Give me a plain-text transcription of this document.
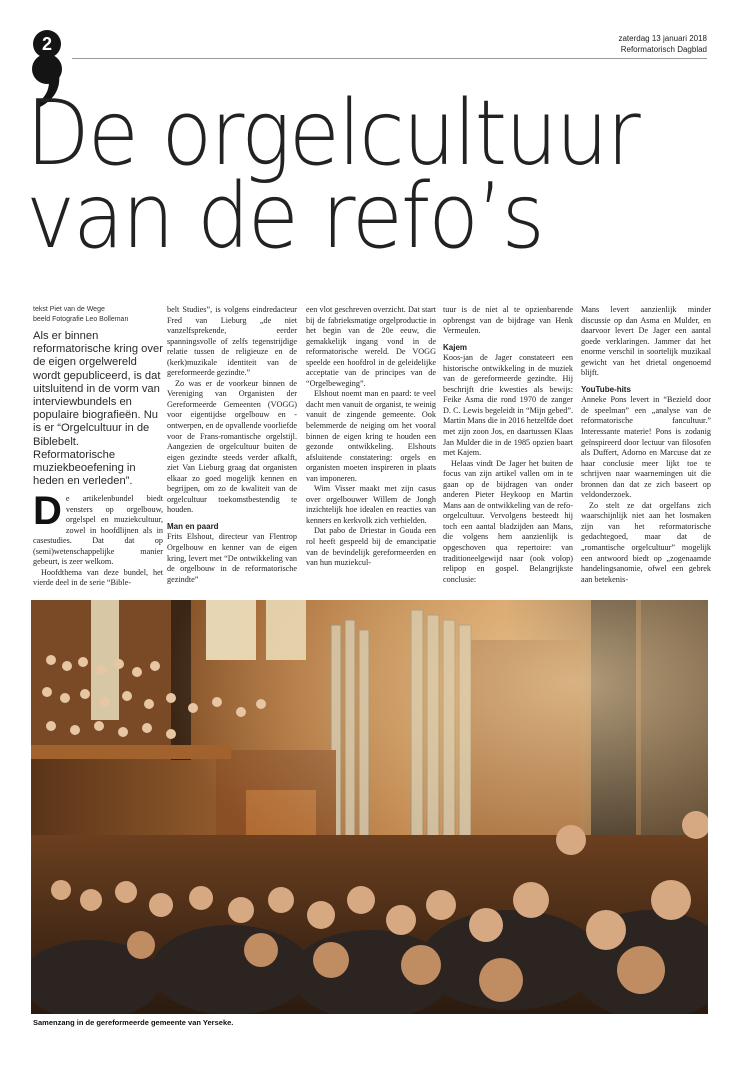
2	zaterdag 13 januari 2018
Reformatorisch Dagblad
De orgelcultuur
van de refo’s
tekst Piet van de Wege
beeld Fotografie Leo Bolleman

Als er binnen reformatorische kring over de eigen orgelwereld wordt gepubliceerd, is dat uitsluitend in de vorm van interviewbundels en populaire biografieën. Nu is er “Orgelcultuur in de Biblebelt. Reformatorische muziekbeoefening in heden en verleden”.

De artikelenbundel biedt vensters op orgelbouw, orgelspel en muziekcultuur, zowel in hoofdlijnen als in casestudies. Dat dat op (semi)wetenschappelijke manier gebeurt, is zeer welkom.

Hoofdthema van deze bundel, het vierde deel in de serie “Bible-

belt Studies”, is volgens eindredacteur Fred van Lieburg „de niet vanzelfsprekende, eerder spanningsvolle of zelfs tegenstrijdige relatie tussen de religieuze en de (kerk)muzikale identiteit van de gereformeerde gezindte.”

Zo was er de voorkeur binnen de Vereniging van Organisten der Gereformeerde Gemeenten (VOGG) voor eigentijdse orgelbouw en -ontwerpen, en de opvallende voorliefde voor de Frans-romantische orgelstijl. Aangezien de orgelcultuur buiten de eigen gezindte steeds verder afkalft, ziet Van Lieburg graag dat organisten elkaar zo goed mogelijk kennen en begrijpen, om zo de kwaliteit van de orgelcultuur toekomstbestendig te houden.

Man en paard

Frits Elshout, directeur van Flentrop Orgelbouw en kenner van de eigen kring, levert met “De ontwikkeling van de orgelbouw in de reformatorische gezindte”

een vlot geschreven overzicht. Dat start bij de fabrieksmatige orgelproductie in het begin van de 20e eeuw, die gemakkelijk ingang vond in de reformatorische wereld. De VOGG speelde een hoofdrol in de geleidelijke acceptatie van de principes van de “Orgelbeweging”.

Elshout noemt man en paard: te veel dacht men vanuit de organist, te weinig vanuit de zingende gemeente. Ook belemmerde de neiging om het vooral binnen de eigen kring te houden een gezonde ontwikkeling. Elshouts afsluitende constatering: orgels en organisten moeten inspireren in plaats van imponeren.

Wim Visser maakt met zijn casus over orgelbouwer Willem de Jongh inzichtelijk hoe idealen en reacties van kenners en kerkvolk zich verhielden.

Dat pabo de Driestar in Gouda een rol heeft gespeeld bij de emancipatie van de bevindelijk gereformeerden en van hun muziekcul-

tuur is de niet al te opzienbarende opbrengst van de bijdrage van Henk Vermeulen.

Kajem

Koos-jan de Jager constateert een historische ontwikkeling in de muziek van de gereformeerde gezindte. Hij beschrijft drie kwesties als bewijs: Feike Asma die rond 1970 de zanger D. C. Lewis begeleidt in “Mijn gebed”. Martin Mans die in 2016 hetzelfde doet met zijn zoon Jos, en daartussen Klaas Jan Mulder die in de 1985 opzien baart met Kajem.

Helaas vindt De Jager het buiten de focus van zijn artikel vallen om in te gaan op de bijdragen van onder anderen Pieter Heykoop en Martin Mans aan de ontwikkeling van de refo-orgelcultuur. Vervolgens besteedt hij toch een aantal bladzijden aan Mans, die volgens hem aanzienlijk is opgeschoven qua repertoire: van traditioneelgewijd naar (ook volop) relipop en gospel. Belangrijkste conclusie:

Mans levert aanzienlijk minder discussie op dan Asma en Mulder, en daarvoor levert De Jager een aantal goede verklaringen. Jammer dat het enorme verschil in soortelijk muzikaal gewicht van het drietal ongenoemd blijft.

YouTube-hits

Anneke Pons levert in “Bezield door de speelman” een „analyse van de reformatorische fancultuur.” Interessante materie! Pons is zodanig geïnspireerd door lectuur van filosofen als Duffert, Adorno en Marcuse dat ze haar conclusie meer lijkt toe te schrijven naar waarnemingen uit die bronnen dan dat ze zich baseert op veldonderzoek.

Zo stelt ze dat orgelfans zich waarschijnlijk niet aan het losmaken zijn van het reformatorische gedachtegoed, maar dat de „romantische orgelcultuur” mogelijk een antwoord biedt op „zogenaamde handelingsanomie, ofwel een gebrek aan betekenis-

Samenzang in de gereformeerde gemeente van Yerseke.
